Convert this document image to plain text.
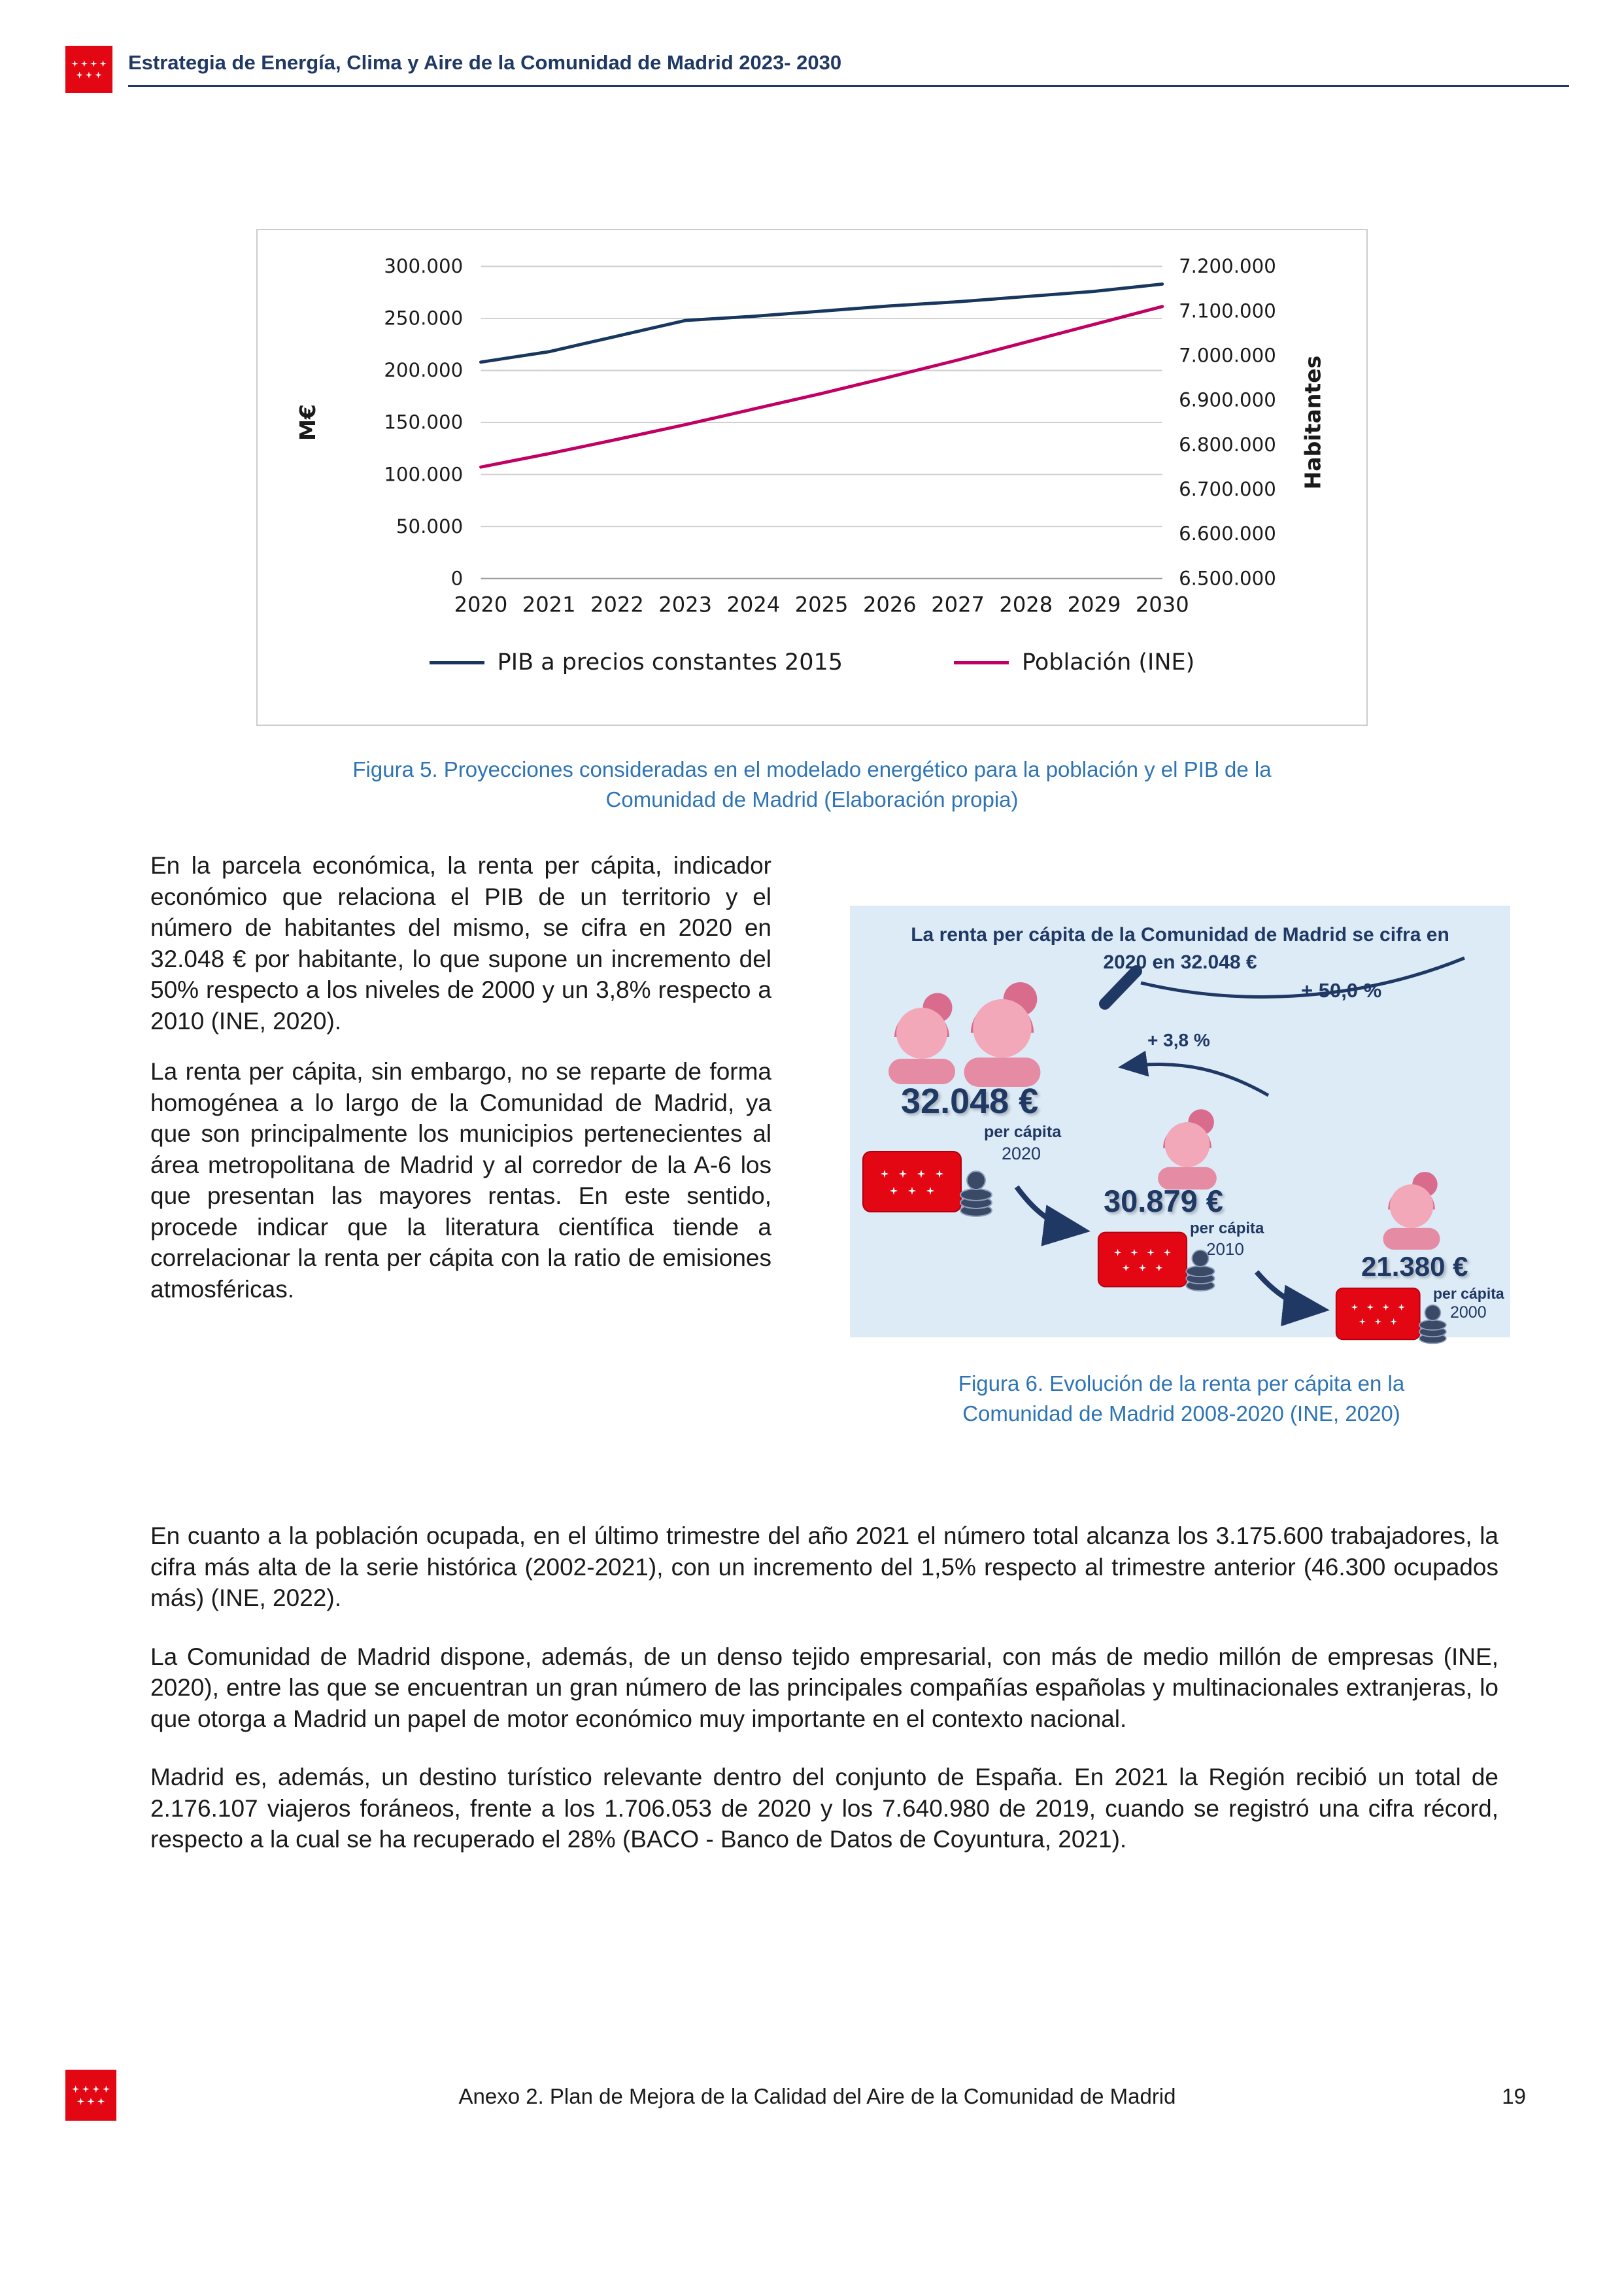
Estrategia de Energía, Clima y Aire de la Comunidad de Madrid 2023- 2030
0
50.000
100.000
150.000
200.000
250.000
300.000
6.500.000
6.600.000
6.700.000
6.800.000
6.900.000
7.000.000
7.100.000
7.200.000
2020 2021 2022 2023 2024 2025 2026 2027 2028 2029 2030
M€	Habitantes
PIB a precios constantes 2015	Población (INE)
Figura 5. Proyecciones consideradas en el modelado energético para la población y el PIB de la
Comunidad de Madrid (Elaboración propia)

En la parcela económica, la renta per cápita, indicador económico que relaciona el PIB de un territorio y el número de habitantes del mismo, se cifra en 2020 en 32.048 € por habitante, lo que supone un incremento del 50% respecto a los niveles de 2000 y un 3,8% respecto a 2010 (INE, 2020).

La renta per cápita, sin embargo, no se reparte de forma homogénea a lo largo de la Comunidad de Madrid, ya que son principalmente los municipios pertenecientes al área metropolitana de Madrid y al corredor de la A-6 los que presentan las mayores rentas. En este sentido, procede indicar que la literatura científica tiende a correlacionar la renta per cápita con la ratio de emisiones atmosféricas.

La renta per cápita de la Comunidad de Madrid se cifra en
2020 en 32.048 €
+ 50,0 %
+ 3,8 %
32.048 €
per cápita
2020
30.879 €
per cápita
2010
21.380 €
per cápita
2000
Figura 6. Evolución de la renta per cápita en la
Comunidad de Madrid 2008-2020 (INE, 2020)

En cuanto a la población ocupada, en el último trimestre del año 2021 el número total alcanza los 3.175.600 trabajadores, la cifra más alta de la serie histórica (2002-2021), con un incremento del 1,5% respecto al trimestre anterior (46.300 ocupados más) (INE, 2022).

La Comunidad de Madrid dispone, además, de un denso tejido empresarial, con más de medio millón de empresas (INE, 2020), entre las que se encuentran un gran número de las principales compañías españolas y multinacionales extranjeras, lo que otorga a Madrid un papel de motor económico muy importante en el contexto nacional.

Madrid es, además, un destino turístico relevante dentro del conjunto de España. En 2021 la Región recibió un total de 2.176.107 viajeros foráneos, frente a los 1.706.053 de 2020 y los 7.640.980 de 2019, cuando se registró una cifra récord, respecto a la cual se ha recuperado el 28% (BACO - Banco de Datos de Coyuntura, 2021).

Anexo 2. Plan de Mejora de la Calidad del Aire de la Comunidad de Madrid	19
